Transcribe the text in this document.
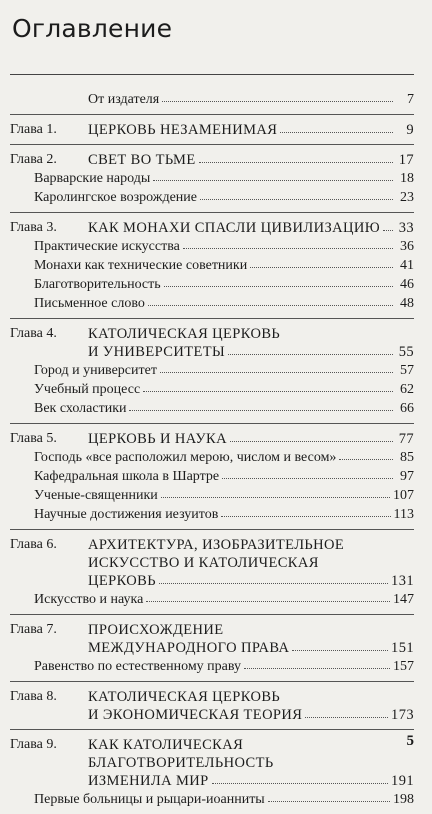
Оглавление
От издателя	7
Глава 1.	ЦЕРКОВЬ НЕЗАМЕНИМАЯ	9
Глава 2.	СВЕТ ВО ТЬМЕ	17
Варварские народы	18
Каролингское возрождение	23
Глава 3.	КАК МОНАХИ СПАСЛИ ЦИВИЛИЗАЦИЮ 33
Практические искусства	36
Монахи как технические советники	41
Благотворительность	46
Письменное слово	48
Глава 4.	КАТОЛИЧЕСКАЯ ЦЕРКОВЬ
И УНИВЕРСИТЕТЫ	55
Город и университет	57
Учебный процесс	62
Век схоластики	66
Глава 5.	ЦЕРКОВЬ И НАУКА	77
Господь «все расположил мерою, числом и весом»	85
Кафедральная школа в Шартре	97
Ученые-священники	107
Научные достижения иезуитов	113
Глава 6.	АРХИТЕКТУРА, ИЗОБРАЗИТЕЛЬНОЕ
ИСКУССТВО И КАТОЛИЧЕСКАЯ
ЦЕРКОВЬ	131
Искусство и наука	147
Глава 7.	ПРОИСХОЖДЕНИЕ
МЕЖДУНАРОДНОГО ПРАВА	151
Равенство по естественному праву	157
Глава 8.	КАТОЛИЧЕСКАЯ ЦЕРКОВЬ
И ЭКОНОМИЧЕСКАЯ ТЕОРИЯ	173
Глава 9.	КАК КАТОЛИЧЕСКАЯ
БЛАГОТВОРИТЕЛЬНОСТЬ
ИЗМЕНИЛА МИР	191
Первые больницы и рыцари-иоанниты	198
5
